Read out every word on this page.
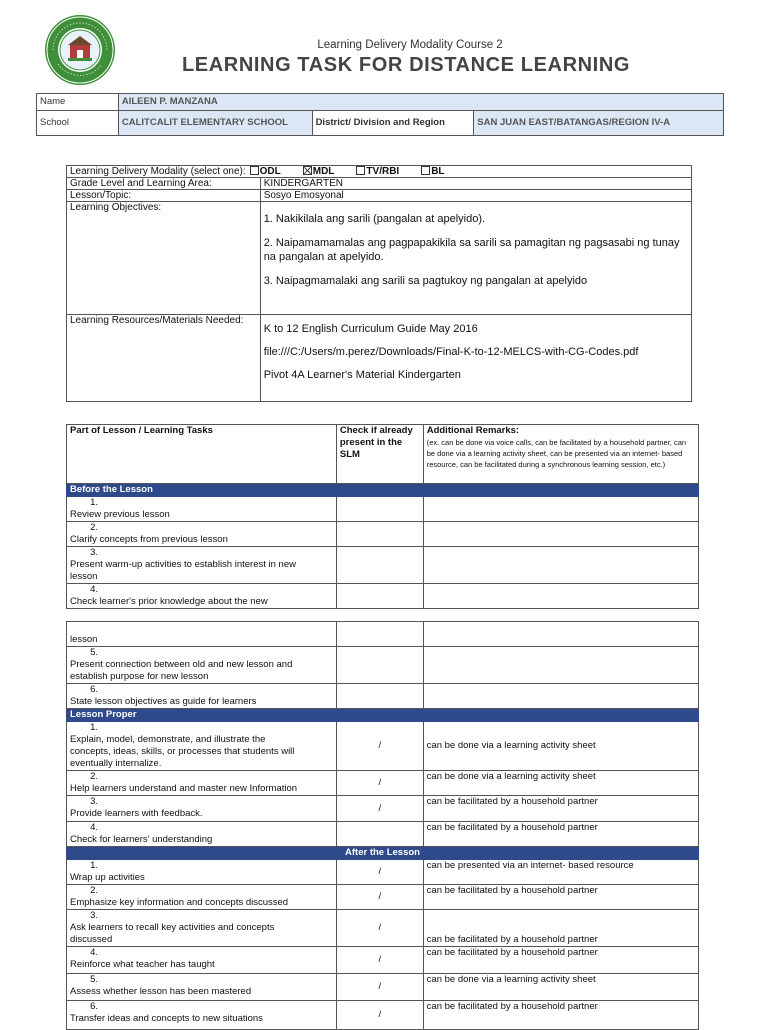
Learning Delivery Modality Course 2
LEARNING TASK FOR DISTANCE LEARNING
Name	AILEEN P. MANZANA		
School	CALITCALIT ELEMENTARY SCHOOL	District/ Division and Region	SAN JUAN EAST/BATANGAS/REGION IV-A
Learning Delivery Modality (select one): ODL MDL TV/RBI BL	
Grade Level and Learning Area:	KINDERGARTEN
Lesson/Topic:	Sosyo Emosyonal
Learning Objectives:	1. Nakikilala ang sarili (pangalan at apelyido).

2. Naipamamamalas ang pagpapakikila sa sarili sa pamagitan ng pagsasabi ng tunay na pangalan at apelyido.

3. Naipagmamalaki ang sarili sa pagtukoy ng pangalan at apelyido

Learning Resources/Materials Needed:	K to 12 English Curriculum Guide May 2016

file:///C:/Users/m.perez/Downloads/Final-K-to-12-MELCS-with-CG-Codes.pdf

Pivot 4A Learner's Material Kindergarten

Part of Lesson / Learning Tasks	Check if already present in the SLM	Additional Remarks:
(ex. can be done via voice calls, can be facilitated by a household partner, can be done via a learning activity sheet, can be presented via an internet- based resource, can be facilitated during a synchronous learning session, etc.)

Before the Lesson		
1.Review previous lesson		
2.Clarify concepts from previous lesson		
3.Present warm-up activities to establish interest in new lesson		
4.Check learner's prior knowledge about the new		
lesson		
5.Present connection between old and new lesson and establish purpose for new lesson		
6.State lesson objectives as guide for learners		
Lesson Proper		
1.Explain, model, demonstrate, and illustrate the concepts, ideas, skills, or processes that students will eventually internalize.	/	can be done via a learning activity sheet
2.Help learners understand and master new Information	/	can be done via a learning activity sheet
3.Provide learners with feedback.	/	can be facilitated by a household partner
4.Check for learners' understanding		can be facilitated by a household partner
After the Lesson		
1.Wrap up activities	/	can be presented via an internet- based resource
2.Emphasize key information and concepts discussed	/	can be facilitated by a household partner
3.Ask learners to recall key activities and concepts discussed	/	can be facilitated by a household partner
4.Reinforce what teacher has taught	/	can be facilitated by a household partner
5.Assess whether lesson has been mastered	/	can be done via a learning activity sheet
6.Transfer ideas and concepts to new situations	/	can be facilitated by a household partner
